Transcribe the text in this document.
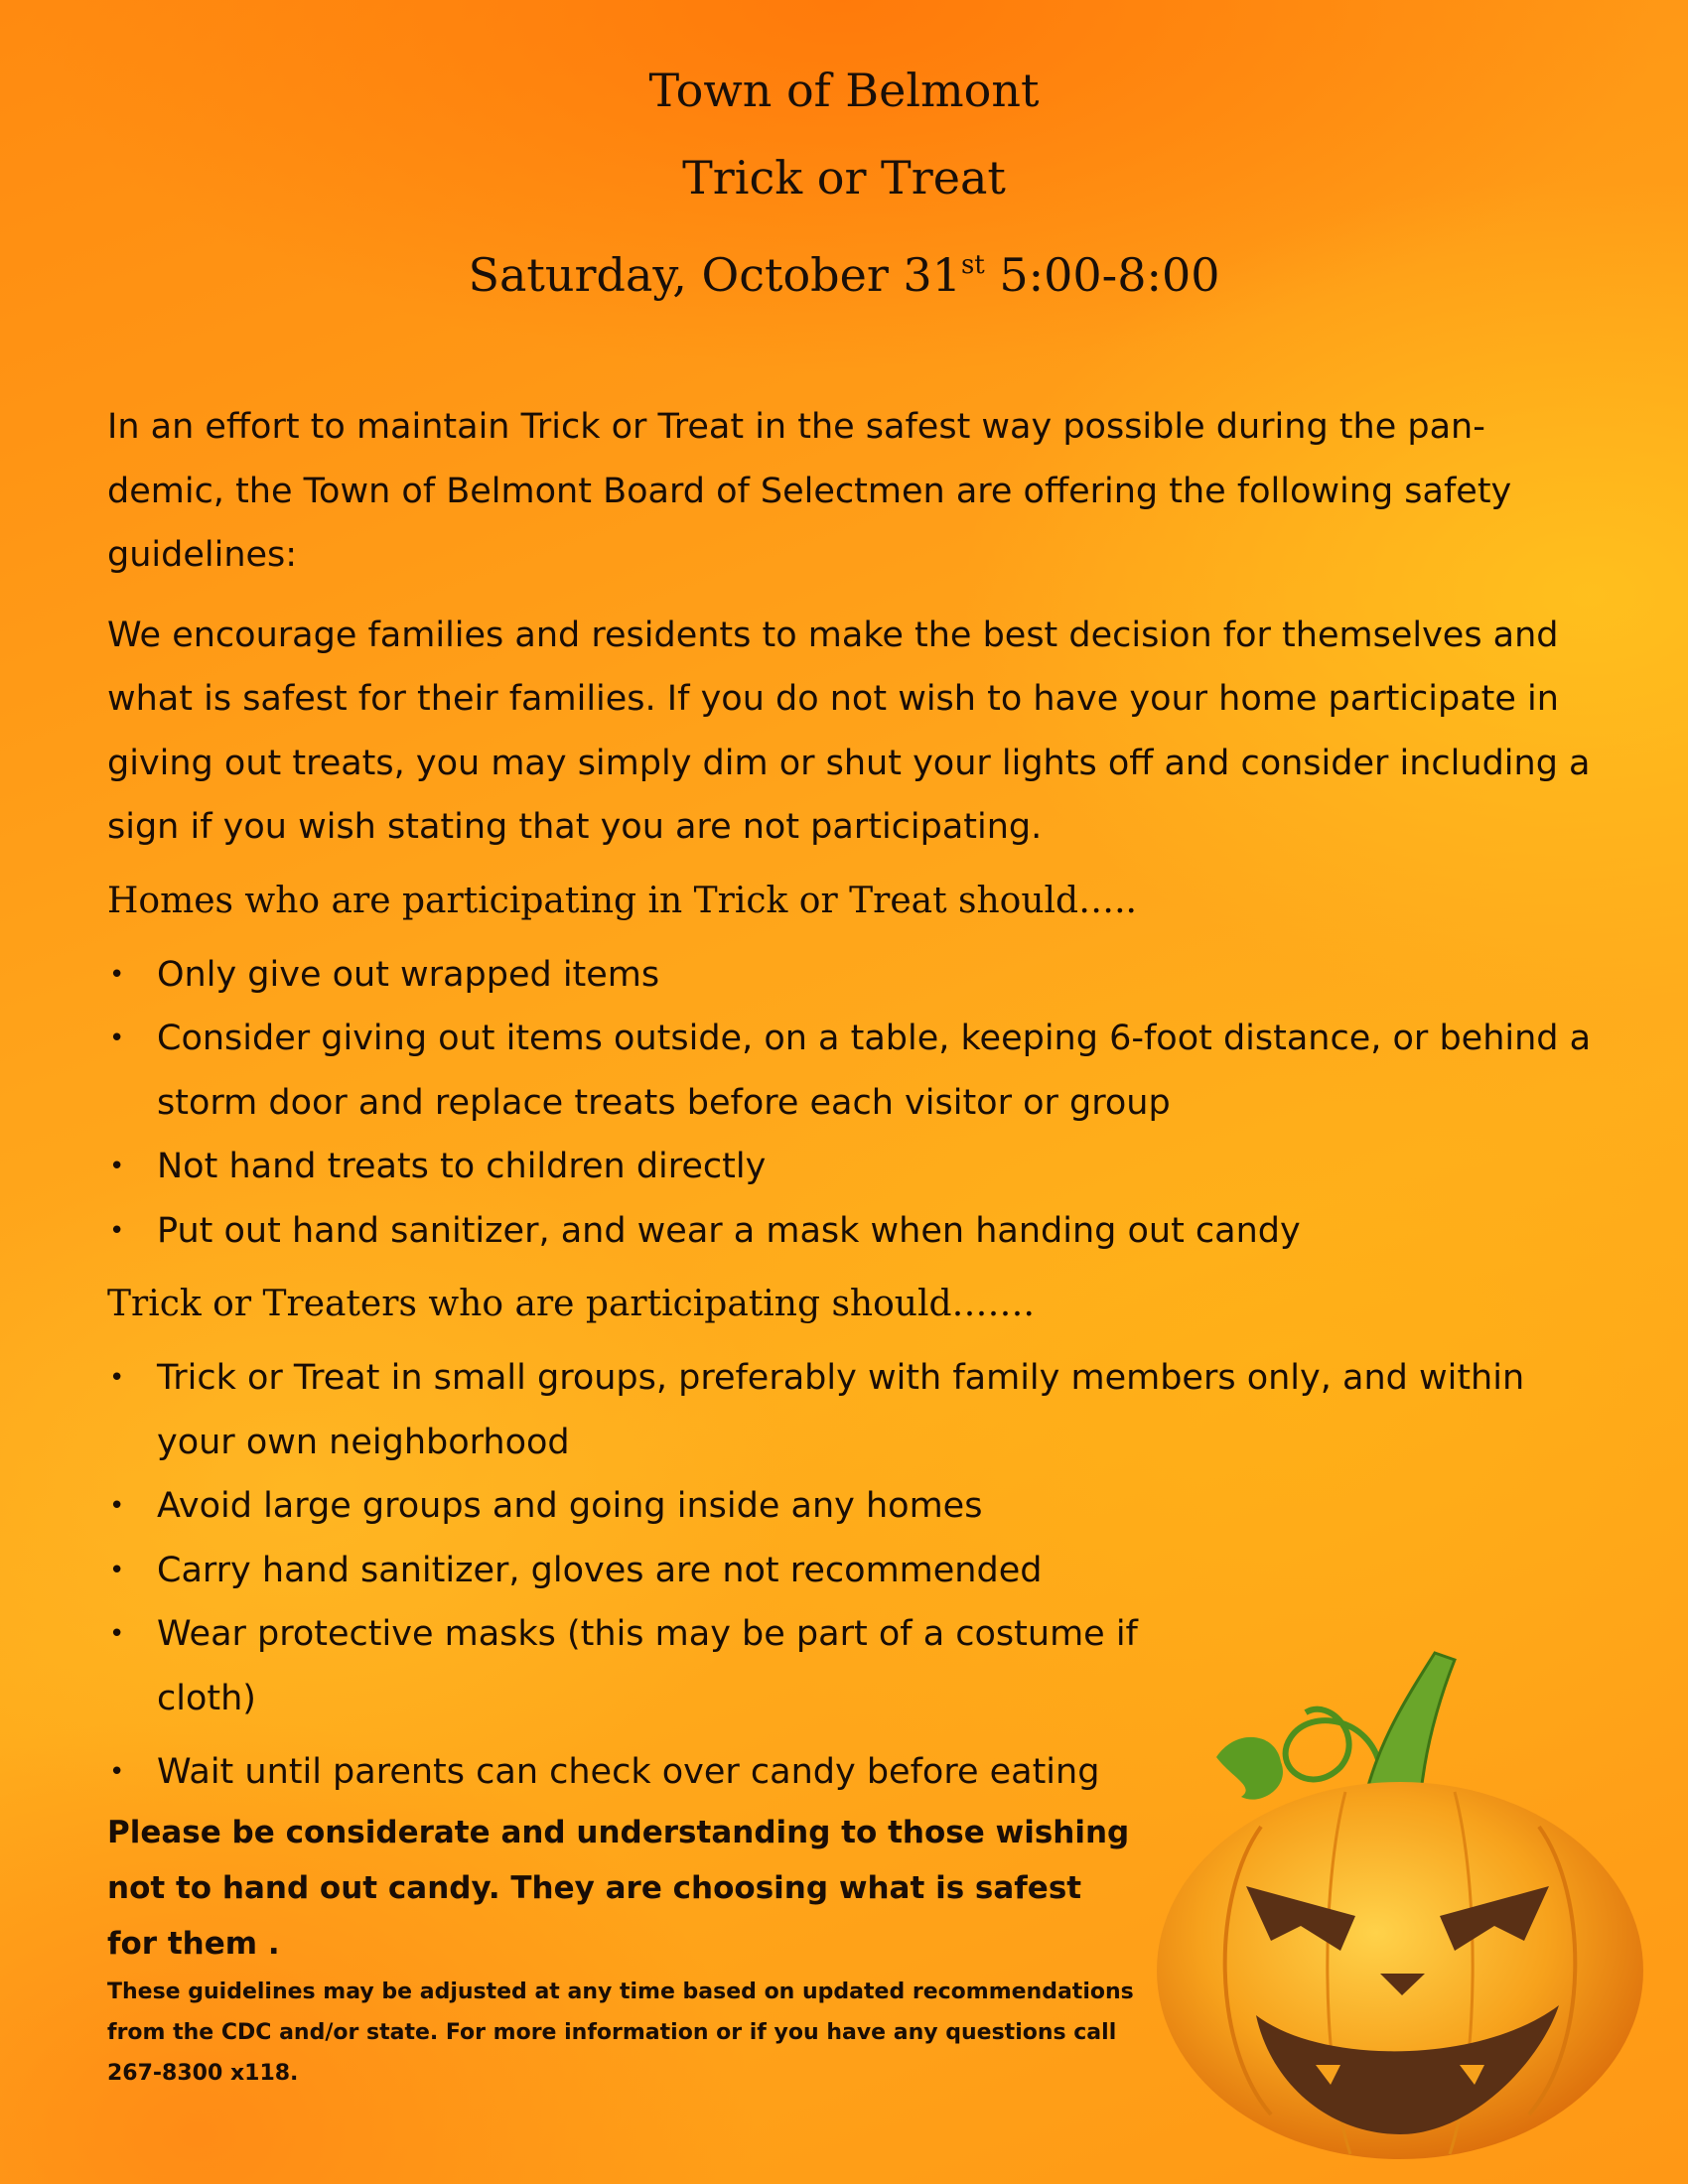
Town of Belmont
Trick or Treat
Saturday, October 31st 5:00-8:00

In an effort to maintain Trick or Treat in the safest way possible during the pan-demic, the Town of Belmont Board of Selectmen are offering the following safety guidelines:

We encourage families and residents to make the best decision for themselves and what is safest for their families. If you do not wish to have your home participate in giving out treats, you may simply dim or shut your lights off and consider including a sign if you wish stating that you are not participating.

Homes who are participating in Trick or Treat should…..
• Only give out wrapped items
• Consider giving out items outside, on a table, keeping 6-foot distance, or behind a storm door and replace treats before each visitor or group
• Not hand treats to children directly
• Put out hand sanitizer, and wear a mask when handing out candy
Trick or Treaters who are participating should…….
• Trick or Treat in small groups, preferably with family members only, and within your own neighborhood
• Avoid large groups and going inside any homes
• Carry hand sanitizer, gloves are not recommended
• Wear protective masks (this may be part of a costume if cloth)
• Wait until parents can check over candy before eating

Please be considerate and understanding to those wishing not to hand out candy. They are choosing what is safest for them .

These guidelines may be adjusted at any time based on updated recommendations from the CDC and/or state. For more information or if you have any questions call 267-8300 x118.
